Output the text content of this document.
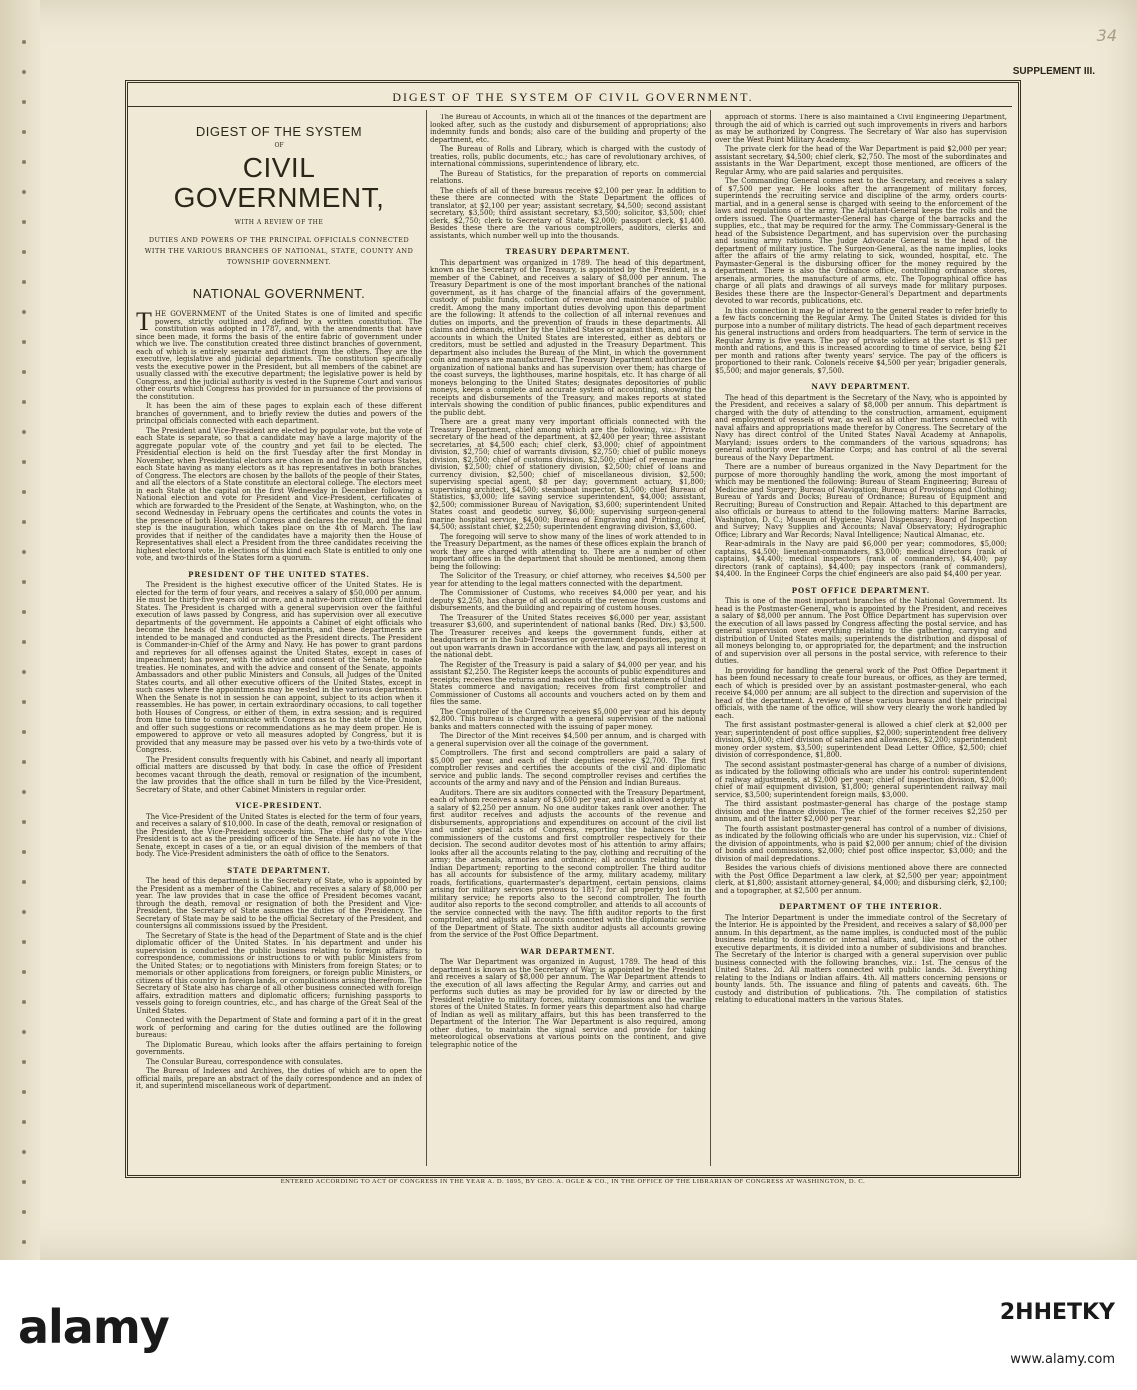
34
SUPPLEMENT III.
DIGEST OF THE SYSTEM OF CIVIL GOVERNMENT.
DIGEST OF THE SYSTEM
OF
CIVIL GOVERNMENT,
WITH A REVIEW OF THE
DUTIES AND POWERS OF THE PRINCIPAL OFFICIALS CONNECTED WITH THE VARIOUS BRANCHES OF NATIONAL, STATE, COUNTY AND TOWNSHIP GOVERNMENT.
NATIONAL GOVERNMENT.

THE GOVERNMENT of the United States is one of limited and specific powers, strictly outlined and defined by a written constitution. The constitution was adopted in 1787, and, with the amendments that have since been made, it forms the basis of the entire fabric of government under which we live. The constitution created three distinct branches of government, each of which is entirely separate and distinct from the others. They are the executive, legislative and judicial departments. The constitution specifically vests the executive power in the President, but all members of the cabinet are usually classed with the executive department; the legislative power is held by Congress, and the judicial authority is vested in the Supreme Court and various other courts which Congress has provided for in pursuance of the provisions of the constitution.

It has been the aim of these pages to explain each of these different branches of government, and to briefly review the duties and powers of the principal officials connected with each department.

The President and Vice-President are elected by popular vote, but the vote of each State is separate, so that a candidate may have a large majority of the aggregate popular vote of the country and yet fail to be elected. The Presidential election is held on the first Tuesday after the first Monday in November, when Presidential electors are chosen in and for the various States, each State having as many electors as it has representatives in both branches of Congress. The electors are chosen by the ballots of the people of their States, and all the electors of a State constitute an electoral college. The electors meet in each State at the capital on the first Wednesday in December following a National election and vote for President and Vice-President, certificates of which are forwarded to the President of the Senate, at Washington, who, on the second Wednesday in February opens the certificates and counts the votes in the presence of both Houses of Congress and declares the result, and the final step is the inauguration, which takes place on the 4th of March. The law provides that if neither of the candidates have a majority then the House of Representatives shall elect a President from the three candidates receiving the highest electoral vote. In elections of this kind each State is entitled to only one vote, and two-thirds of the States form a quorum.

PRESIDENT OF THE UNITED STATES.

The President is the highest executive officer of the United States. He is elected for the term of four years, and receives a salary of $50,000 per annum. He must be thirty-five years old or more, and a native-born citizen of the United States. The President is charged with a general supervision over the faithful execution of laws passed by Congress, and has supervision over all executive departments of the government. He appoints a Cabinet of eight officials who become the heads of the various departments, and these departments are intended to be managed and conducted as the President directs. The President is Commander-in-Chief of the Army and Navy. He has power to grant pardons and reprieves for all offenses against the United States, except in cases of impeachment; has power, with the advice and consent of the Senate, to make treaties. He nominates, and with the advice and consent of the Senate, appoints Ambassadors and other public Ministers and Consuls, all Judges of the United States courts, and all other executive officers of the United States, except in such cases where the appointments may be vested in the various departments. When the Senate is not in session he can appoint, subject to its action when it reassembles. He has power, in certain extraordinary occasions, to call together both Houses of Congress, or either of them, in extra session; and is required from time to time to communicate with Congress as to the state of the Union, and offer such suggestions or recommendations as he may deem proper. He is empowered to approve or veto all measures adopted by Congress, but it is provided that any measure may be passed over his veto by a two-thirds vote of Congress.

The President consults frequently with his Cabinet, and nearly all important official matters are discussed by that body. In case the office of President becomes vacant through the death, removal or resignation of the incumbent, the law provides that the office shall in turn be filled by the Vice-President, Secretary of State, and other Cabinet Ministers in regular order.

VICE-PRESIDENT.

The Vice-President of the United States is elected for the term of four years, and receives a salary of $10,000. In case of the death, removal or resignation of the President, the Vice-President succeeds him. The chief duty of the Vice-President is to act as the presiding officer of the Senate. He has no vote in the Senate, except in cases of a tie, or an equal division of the members of that body. The Vice-President administers the oath of office to the Senators.

STATE DEPARTMENT.

The head of this department is the Secretary of State, who is appointed by the President as a member of the Cabinet, and receives a salary of $8,000 per year. The law provides that in case the office of President becomes vacant, through the death, removal or resignation of both the President and Vice-President, the Secretary of State assumes the duties of the Presidency. The Secretary of State may be said to be the official Secretary of the President, and countersigns all commissions issued by the President.

The Secretary of State is the head of the Department of State and is the chief diplomatic officer of the United States. In his department and under his supervision is conducted the public business relating to foreign affairs; to correspondence, commissions or instructions to or with public Ministers from the United States; or to negotiations with Ministers from foreign States; or to memorials or other applications from foreigners, or foreign public Ministers, or citizens of this country in foreign lands, or complications arising therefrom. The Secretary of State also has charge of all other business connected with foreign affairs, extradition matters and diplomatic officers; furnishing passports to vessels going to foreign countries, etc., and has charge of the Great Seal of the United States.

Connected with the Department of State and forming a part of it in the great work of performing and caring for the duties outlined are the following bureaus:

The Diplomatic Bureau, which looks after the affairs pertaining to foreign governments.

The Consular Bureau, correspondence with consulates.

The Bureau of Indexes and Archives, the duties of which are to open the official mails, prepare an abstract of the daily correspondence and an index of it, and superintend miscellaneous work of department.

The Bureau of Accounts, in which all of the finances of the department are looked after, such as the custody and disbursement of appropriations; also indemnity funds and bonds; also care of the building and property of the department, etc.

The Bureau of Rolls and Library, which is charged with the custody of treaties, rolls, public documents, etc.; has care of revolutionary archives, of international commissions, superintendence of library, etc.

The Bureau of Statistics, for the preparation of reports on commercial relations.

The chiefs of all of these bureaus receive $2,100 per year. In addition to these there are connected with the State Department the offices of translator, at $2,100 per year; assistant secretary, $4,500; second assistant secretary, $3,500; third assistant secretary, $3,500; solicitor, $3,500; chief clerk, $2,750; clerk to Secretary of State, $2,000; passport clerk, $1,400. Besides these there are the various comptrollers, auditors, clerks and assistants, which number well up into the thousands.

TREASURY DEPARTMENT.

This department was organized in 1789. The head of this department, known as the Secretary of the Treasury, is appointed by the President, is a member of the Cabinet, and receives a salary of $8,000 per annum. The Treasury Department is one of the most important branches of the national government, as it has charge of the financial affairs of the government, custody of public funds, collection of revenue and maintenance of public credit. Among the many important duties devolving upon this department are the following: It attends to the collection of all internal revenues and duties on imports, and the prevention of frauds in these departments. All claims and demands, either by the United States or against them, and all the accounts in which the United States are interested, either as debtors or creditors, must be settled and adjusted in the Treasury Department. This department also includes the Bureau of the Mint, in which the government coin and moneys are manufactured. The Treasury Department authorizes the organization of national banks and has supervision over them; has charge of the coast surveys, the lighthouses, marine hospitals, etc. It has charge of all moneys belonging to the United States; designates depositories of public moneys, keeps a complete and accurate system of accounting, showing the receipts and disbursements of the Treasury, and makes reports at stated intervals showing the condition of public finances, public expenditures and the public debt.

There are a great many very important officials connected with the Treasury Department, chief among which are the following, viz.: Private secretary of the head of the department, at $2,400 per year; three assistant secretaries, at $4,500 each; chief clerk, $3,000; chief of appointment division, $2,750; chief of warrants division, $2,750; chief of public moneys division, $2,500; chief of customs division, $2,500; chief of revenue marine division, $2,500; chief of stationery division, $2,500; chief of loans and currency division, $2,500; chief of miscellaneous division, $2,500; supervising special agent, $8 per day; government actuary, $1,800; supervising architect, $4,500; steamboat inspector, $3,500; chief Bureau of Statistics, $3,000; life saving service superintendent, $4,000; assistant, $2,500; commissioner Bureau of Navigation, $3,600; superintendent United States coast and geodetic survey, $6,000; supervising surgeon-general marine hospital service, $4,000; Bureau of Engraving and Printing, chief, $4,500; assistant chief, $2,250; superintendent engraving division, $3,600.

The foregoing will serve to show many of the lines of work attended to in the Treasury Department, as the names of these offices explain the branch of work they are charged with attending to. There are a number of other important offices in the department that should be mentioned, among them being the following:

The Solicitor of the Treasury, or chief attorney, who receives $4,500 per year for attending to the legal matters connected with the department.

The Commissioner of Customs, who receives $4,000 per year, and his deputy $2,250, has charge of all accounts of the revenue from customs and disbursements, and the building and repairing of custom houses.

The Treasurer of the United States receives $6,000 per year, assistant treasurer $3,600, and superintendent of national banks (Red. Div.) $3,500. The Treasurer receives and keeps the government funds, either at headquarters or in the Sub-Treasuries or government depositories, paying it out upon warrants drawn in accordance with the law, and pays all interest on the national debt.

The Register of the Treasury is paid a salary of $4,000 per year, and his assistant $2,250. The Register keeps the accounts of public expenditures and receipts; receives the returns and makes out the official statements of United States commerce and navigation; receives from first comptroller and Commissioner of Customs all accounts and vouchers acted on by them and files the same.

The Comptroller of the Currency receives $5,000 per year and his deputy $2,800. This bureau is charged with a general supervision of the national banks and matters connected with the issuing of paper money.

The Director of the Mint receives $4,500 per annum, and is charged with a general supervision over all the coinage of the government.

Comptrollers. The first and second comptrollers are paid a salary of $5,000 per year, and each of their deputies receive $2,700. The first comptroller revises and certifies the accounts of the civil and diplomatic service and public lands. The second comptroller revises and certifies the accounts of the army and navy and of the Pension and Indian Bureaus.

Auditors. There are six auditors connected with the Treasury Department, each of whom receives a salary of $3,600 per year, and is allowed a deputy at a salary of $2,250 per annum. No one auditor takes rank over another. The first auditor receives and adjusts the accounts of the revenue and disbursements, appropriations and expenditures on account of the civil list and under special acts of Congress, reporting the balances to the commissioners of the customs and first comptroller respectively for their decision. The second auditor devotes most of his attention to army affairs; looks after all the accounts relating to the pay, clothing and recruiting of the army; the arsenals, armories and ordnance; all accounts relating to the Indian Department; reporting to the second comptroller. The third auditor has all accounts for subsistence of the army, military academy, military roads, fortifications, quartermaster's department, certain pensions, claims arising for military services previous to 1817; for all property lost in the military service; he reports also to the second comptroller. The fourth auditor also reports to the second comptroller, and attends to all accounts of the service connected with the navy. The fifth auditor reports to the first comptroller, and adjusts all accounts connected with the diplomatic service of the Department of State. The sixth auditor adjusts all accounts growing from the service of the Post Office Department.

WAR DEPARTMENT.

The War Department was organized in August, 1789. The head of this department is known as the Secretary of War; is appointed by the President and receives a salary of $8,000 per annum. The War Department attends to the execution of all laws affecting the Regular Army, and carries out and performs such duties as may be provided for by law or directed by the President relative to military forces, military commissions and the warlike stores of the United States. In former years this department also had charge of Indian as well as military affairs, but this has been transferred to the Department of the Interior. The War Department is also required, among other duties, to maintain the signal service and provide for taking meteorological observations at various points on the continent, and give telegraphic notice of the

approach of storms. There is also maintained a Civil Engineering Department, through the aid of which is carried out such improvements in rivers and harbors as may be authorized by Congress. The Secretary of War also has supervision over the West Point Military Academy.

The private clerk for the head of the War Department is paid $2,000 per year; assistant secretary, $4,500; chief clerk, $2,750. The most of the subordinates and assistants in the War Department, except those mentioned, are officers of the Regular Army, who are paid salaries and perquisites.

The Commanding General comes next to the Secretary, and receives a salary of $7,500 per year. He looks after the arrangement of military forces, superintends the recruiting service and discipline of the army, orders courts-martial, and in a general sense is charged with seeing to the enforcement of the laws and regulations of the army. The Adjutant-General keeps the rolls and the orders issued. The Quartermaster-General has charge of the barracks and the supplies, etc., that may be required for the army. The Commissary-General is the head of the Subsistence Department, and has supervision over the purchasing and issuing army rations. The Judge Advocate General is the head of the department of military justice. The Surgeon-General, as the name implies, looks after the affairs of the army relating to sick, wounded, hospital, etc. The Paymaster-General is the disbursing officer for the money required by the department. There is also the Ordnance office, controlling ordnance stores, arsenals, armories, the manufacture of arms, etc. The Topographical office has charge of all plats and drawings of all surveys made for military purposes. Besides these there are the Inspector-General's Department and departments devoted to war records, publications, etc.

In this connection it may be of interest to the general reader to refer briefly to a few facts concerning the Regular Army. The United States is divided for this purpose into a number of military districts. The head of each department receives his general instructions and orders from headquarters. The term of service in the Regular Army is five years. The pay of private soldiers at the start is $13 per month and rations, and this is increased according to time of service, being $21 per month and rations after twenty years' service. The pay of the officers is proportioned to their rank. Colonels receive $4,500 per year; brigadier generals, $5,500; and major generals, $7,500.

NAVY DEPARTMENT.

The head of this department is the Secretary of the Navy, who is appointed by the President, and receives a salary of $8,000 per annum. This department is charged with the duty of attending to the construction, armament, equipment and employment of vessels of war, as well as all other matters connected with naval affairs and appropriations made therefor by Congress. The Secretary of the Navy has direct control of the United States Naval Academy at Annapolis, Maryland; issues orders to the commanders of the various squadrons; has general authority over the Marine Corps; and has control of all the several bureaus of the Navy Department.

There are a number of bureaus organized in the Navy Department for the purpose of more thoroughly handling the work, among the most important of which may be mentioned the following: Bureau of Steam Engineering; Bureau of Medicine and Surgery; Bureau of Navigation; Bureau of Provisions and Clothing; Bureau of Yards and Docks; Bureau of Ordnance; Bureau of Equipment and Recruiting; Bureau of Construction and Repair. Attached to this department are also officials or bureaus to attend to the following matters: Marine Barracks, Washington, D. C.; Museum of Hygiene; Naval Dispensary; Board of Inspection and Survey; Navy Supplies and Accounts; Naval Observatory; Hydrographic Office; Library and War Records; Naval Intelligence; Nautical Almanac, etc.

Rear-admirals in the Navy are paid $6,000 per year; commodores, $5,000; captains, $4,500; lieutenant-commanders, $3,000; medical directors (rank of captains), $4,400; medical inspectors (rank of commanders), $4,400; pay directors (rank of captains), $4,400; pay inspectors (rank of commanders), $4,400. In the Engineer Corps the chief engineers are also paid $4,400 per year.

POST OFFICE DEPARTMENT.

This is one of the most important branches of the National Government. Its head is the Postmaster-General, who is appointed by the President, and receives a salary of $8,000 per annum. The Post Office Department has supervision over the execution of all laws passed by Congress affecting the postal service, and has general supervision over everything relating to the gathering, carrying and distribution of United States mails; superintends the distribution and disposal of all moneys belonging to, or appropriated for, the department; and the instruction of and supervision over all persons in the postal service, with reference to their duties.

In providing for handling the general work of the Post Office Department it has been found necessary to create four bureaus, or offices, as they are termed, each of which is presided over by an assistant postmaster-general, who each receive $4,000 per annum; are all subject to the direction and supervision of the head of the department. A review of these various bureaus and their principal officials, with the name of the office, will show very clearly the work handled by each.

The first assistant postmaster-general is allowed a chief clerk at $2,000 per year; superintendent of post office supplies, $2,000; superintendent free delivery division, $3,000; chief division of salaries and allowances, $2,200; superintendent money order system, $3,500; superintendent Dead Letter Office, $2,500; chief division of correspondence, $1,800.

The second assistant postmaster-general has charge of a number of divisions, as indicated by the following officials who are under his control: superintendent of railway adjustments, at $2,000 per year; chief of inspection division, $2,000; chief of mail equipment division, $1,800; general superintendent railway mail service, $3,500; superintendent foreign mails, $3,000.

The third assistant postmaster-general has charge of the postage stamp division and the finance division. The chief of the former receives $2,250 per annum, and of the latter $2,000 per year.

The fourth assistant postmaster-general has control of a number of divisions, as indicated by the following officials who are under his supervision, viz.: Chief of the division of appointments, who is paid $2,000 per annum; chief of the division of bonds and commissions, $2,000; chief post office inspector, $3,000; and the division of mail depredations.

Besides the various chiefs of divisions mentioned above there are connected with the Post Office Department a law clerk, at $2,500 per year; appointment clerk, at $1,800; assistant attorney-general, $4,000; and disbursing clerk, $2,100; and a topographer, at $2,500 per annum.

DEPARTMENT OF THE INTERIOR.

The Interior Department is under the immediate control of the Secretary of the Interior. He is appointed by the President, and receives a salary of $8,000 per annum. In this department, as the name implies, is conducted most of the public business relating to domestic or internal affairs, and, like most of the other executive departments, it is divided into a number of subdivisions and branches. The Secretary of the Interior is charged with a general supervision over public business connected with the following branches, viz.: 1st. The census of the United States. 2d. All matters connected with public lands. 3d. Everything relating to the Indians or Indian affairs. 4th. All matters concerning pensions or bounty lands. 5th. The issuance and filing of patents and caveats. 6th. The custody and distribution of publications. 7th. The compilation of statistics relating to educational matters in the various States.

ENTERED ACCORDING TO ACT OF CONGRESS IN THE YEAR A. D. 1895, BY GEO. A. OGLE & CO., IN THE OFFICE OF THE LIBRARIAN OF CONGRESS AT WASHINGTON, D. C.
alamy	2HHETKY
www.alamy.com
